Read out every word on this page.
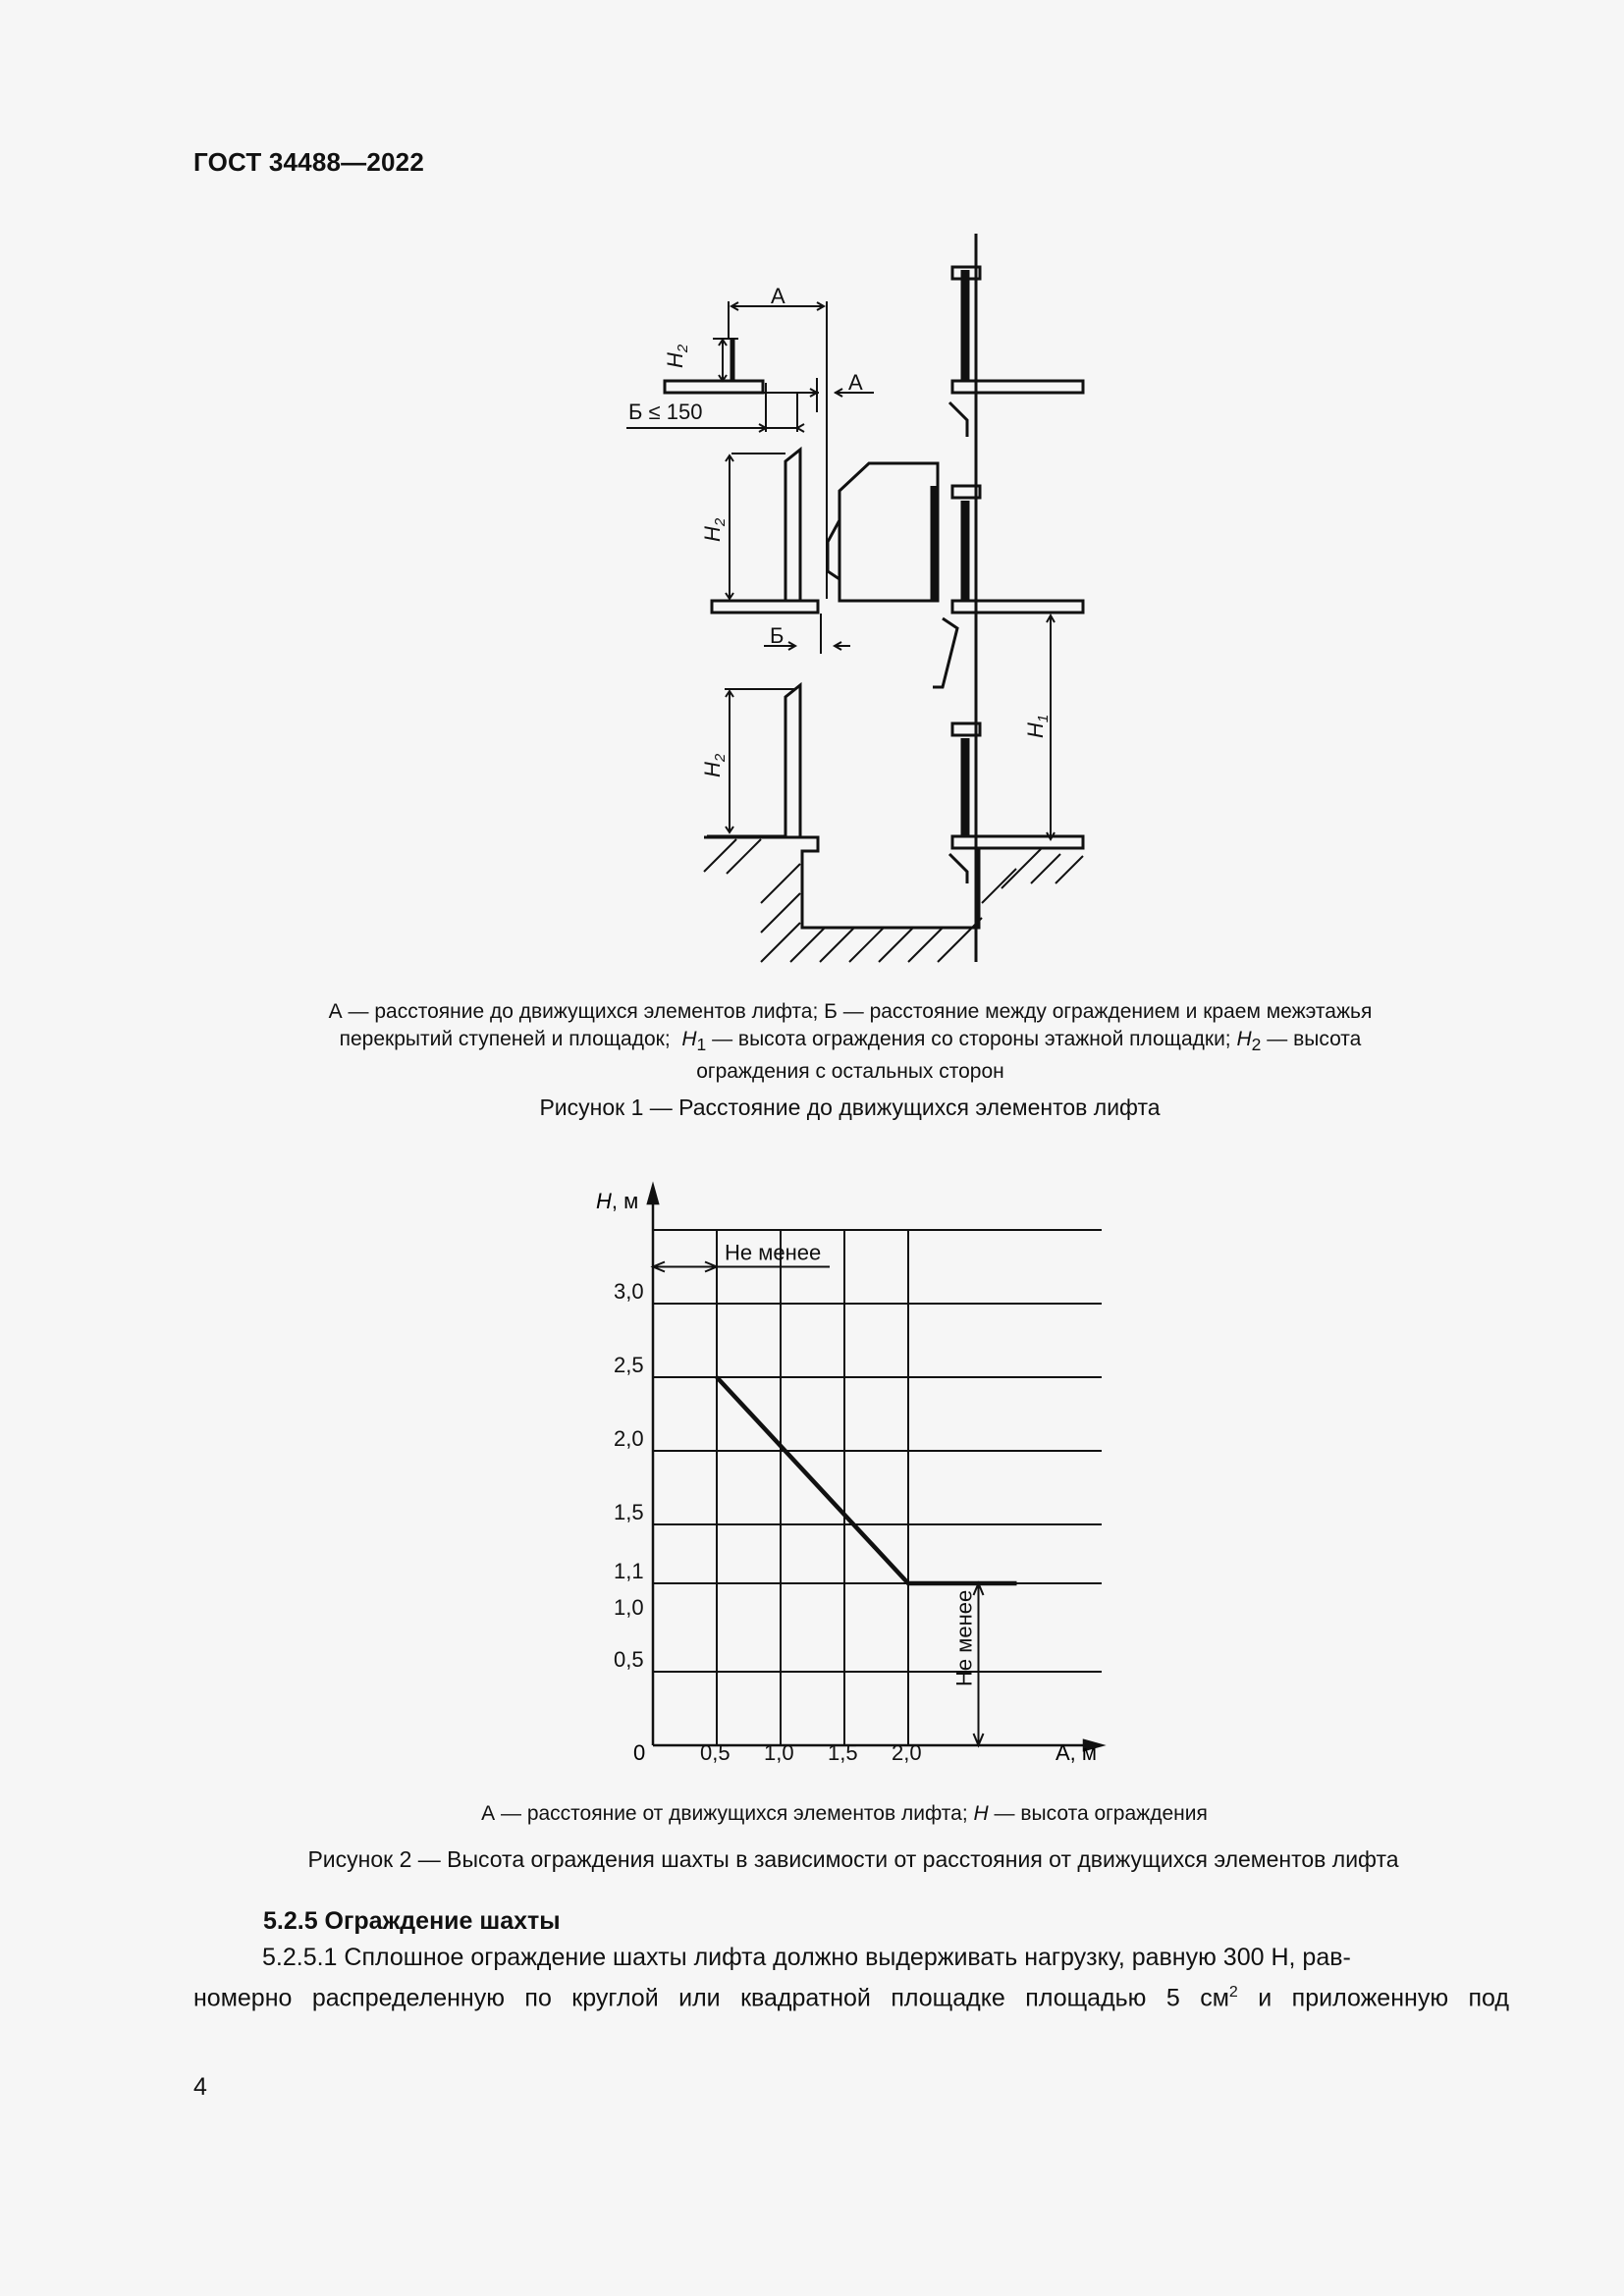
ГОСТ 34488—2022
А
А
Б ≤ 150
Б
$H_2$
$H_2$
$H_2$
$H_1$
А — расстояние до движущихся элементов лифта; Б — расстояние между ограждением и краем межэтажья
перекрытий ступеней и площадок; $H_1$ — высота ограждения со стороны этажной площадки; $H_2$ — высота
ограждения с остальных сторон
Рисунок 1 — Расстояние до движущихся элементов лифта
Не менее
Не менее
0,5
1,0
1,1
1,5
2,0
2,5
3,0
0,5 1,0 1,5 2,0
H, м
А, м
0
А — расстояние от движущихся элементов лифта; H — высота ограждения
Рисунок 2 — Высота ограждения шахты в зависимости от расстояния от движущихся элементов лифта
5.2.5 Ограждение шахты

5.2.5.1 Сплошное ограждение шахты лифта должно выдерживать нагрузку, равную 300 Н, рав-

номерно распределенную по круглой или квадратной площадке площадью 5 $см^2$ и приложенную под

4
